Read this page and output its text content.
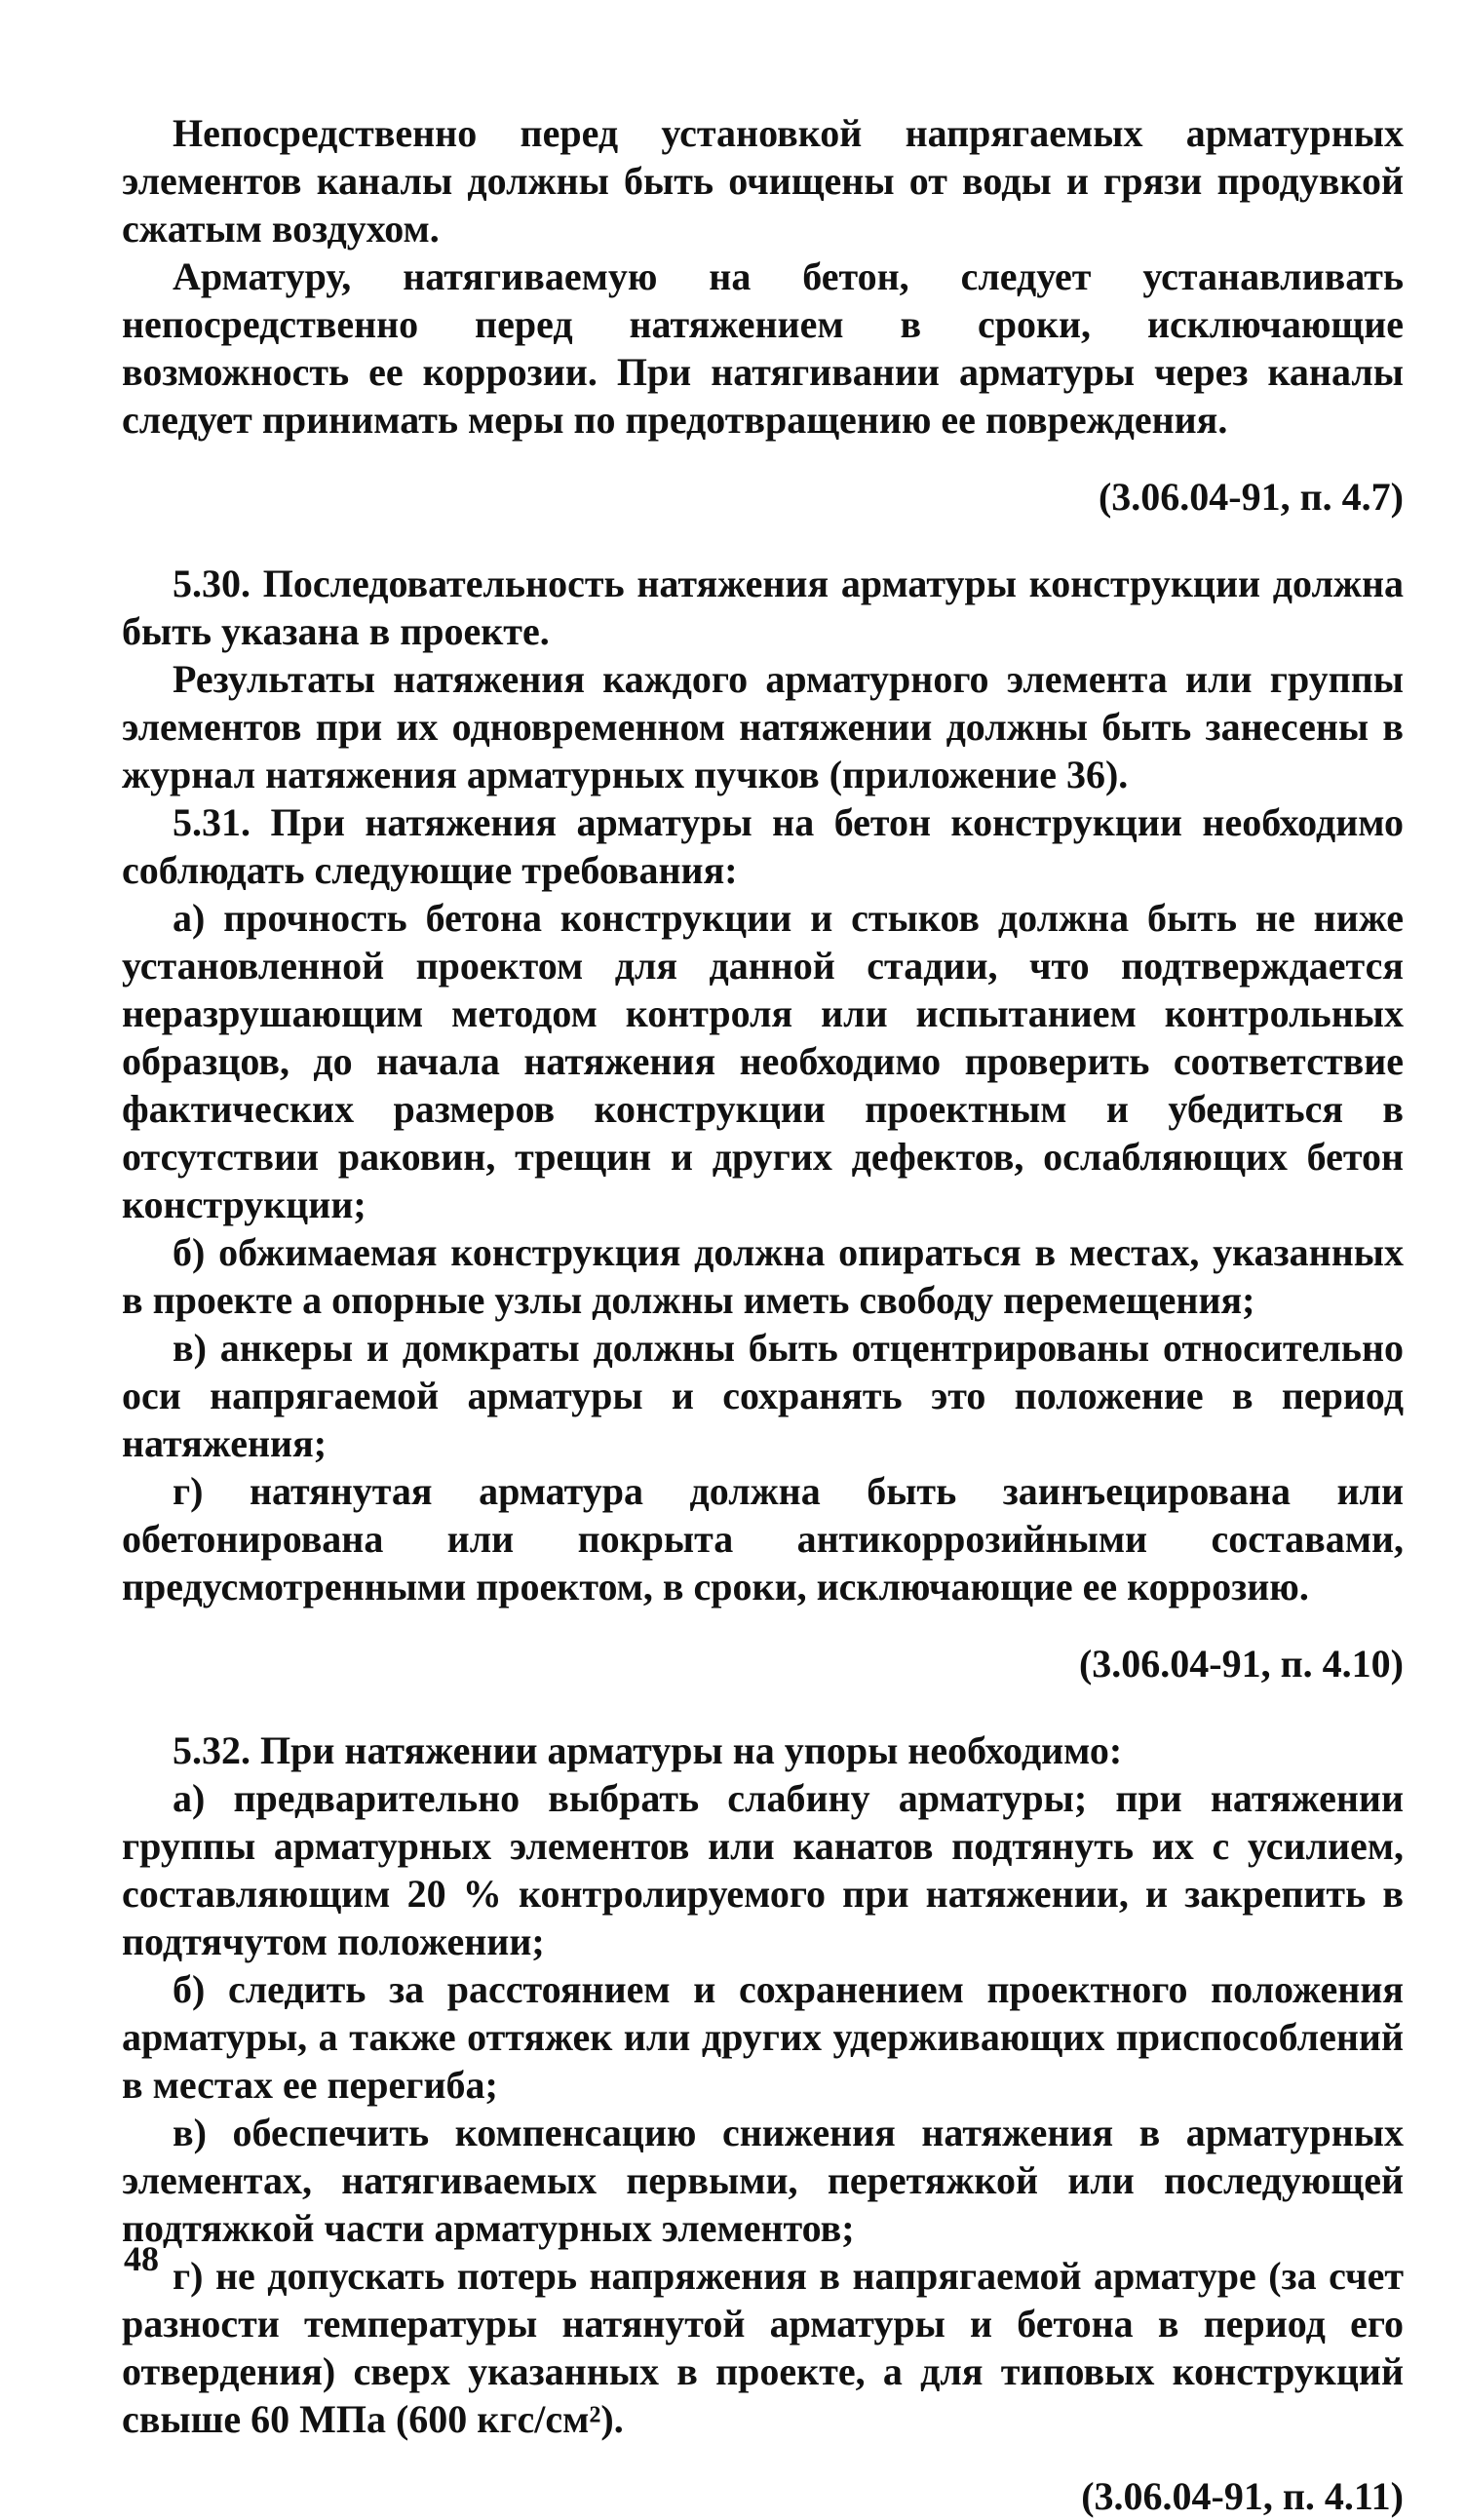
Непосредственно перед установкой напрягаемых арматурных элементов каналы должны быть очищены от воды и грязи продувкой сжатым воздухом.

Арматуру, натягиваемую на бетон, следует устанавливать непосредственно перед натяжением в сроки, исключающие возможность ее коррозии. При натягивании арматуры через каналы следует принимать меры по предотвращению ее повреждения.

(3.06.04-91, п. 4.7)

5.30. Последовательность натяжения арматуры конструкции должна быть указана в проекте.

Результаты натяжения каждого арматурного элемента или группы элементов при их одновременном натяжении должны быть занесены в журнал натяжения арматурных пучков (приложение 36).

5.31. При натяжения арматуры на бетон конструкции необходимо соблюдать следующие требования:

а) прочность бетона конструкции и стыков должна быть не ниже установленной проектом для данной стадии, что подтверждается неразрушающим методом контроля или испытанием контрольных образцов, до начала натяжения необходимо проверить соответствие фактических размеров конструкции проектным и убедиться в отсутствии раковин, трещин и других дефектов, ослабляющих бетон конструкции;

б) обжимаемая конструкция должна опираться в местах, указанных в проекте а опорные узлы должны иметь свободу перемещения;

в) анкеры и домкраты должны быть отцентрированы относительно оси напрягаемой арматуры и сохранять это положение в период натяжения;

г) натянутая арматура должна быть заинъецирована или обетонирована или покрыта антикоррозийными составами, предусмотренными проектом, в сроки, исключающие ее коррозию.

(3.06.04-91, п. 4.10)

5.32. При натяжении арматуры на упоры необходимо:

а) предварительно выбрать слабину арматуры; при натяжении группы арматурных элементов или канатов подтянуть их с усилием, составляющим 20 % контролируемого при натяжении, и закрепить в подтячутом положении;

б) следить за расстоянием и сохранением проектного положения арматуры, а также оттяжек или других удерживающих приспособлений в местах ее перегиба;

в) обеспечить компенсацию снижения натяжения в арматурных элементах, натягиваемых первыми, перетяжкой или последующей подтяжкой части арматурных элементов;

г) не допускать потерь напряжения в напрягаемой арматуре (за счет разности температуры натянутой арматуры и бетона в период его отвердения) сверх указанных в проекте, а для типовых конструкций свыше 60 МПа (600 кгс/см²).

(3.06.04-91, п. 4.11)

48
